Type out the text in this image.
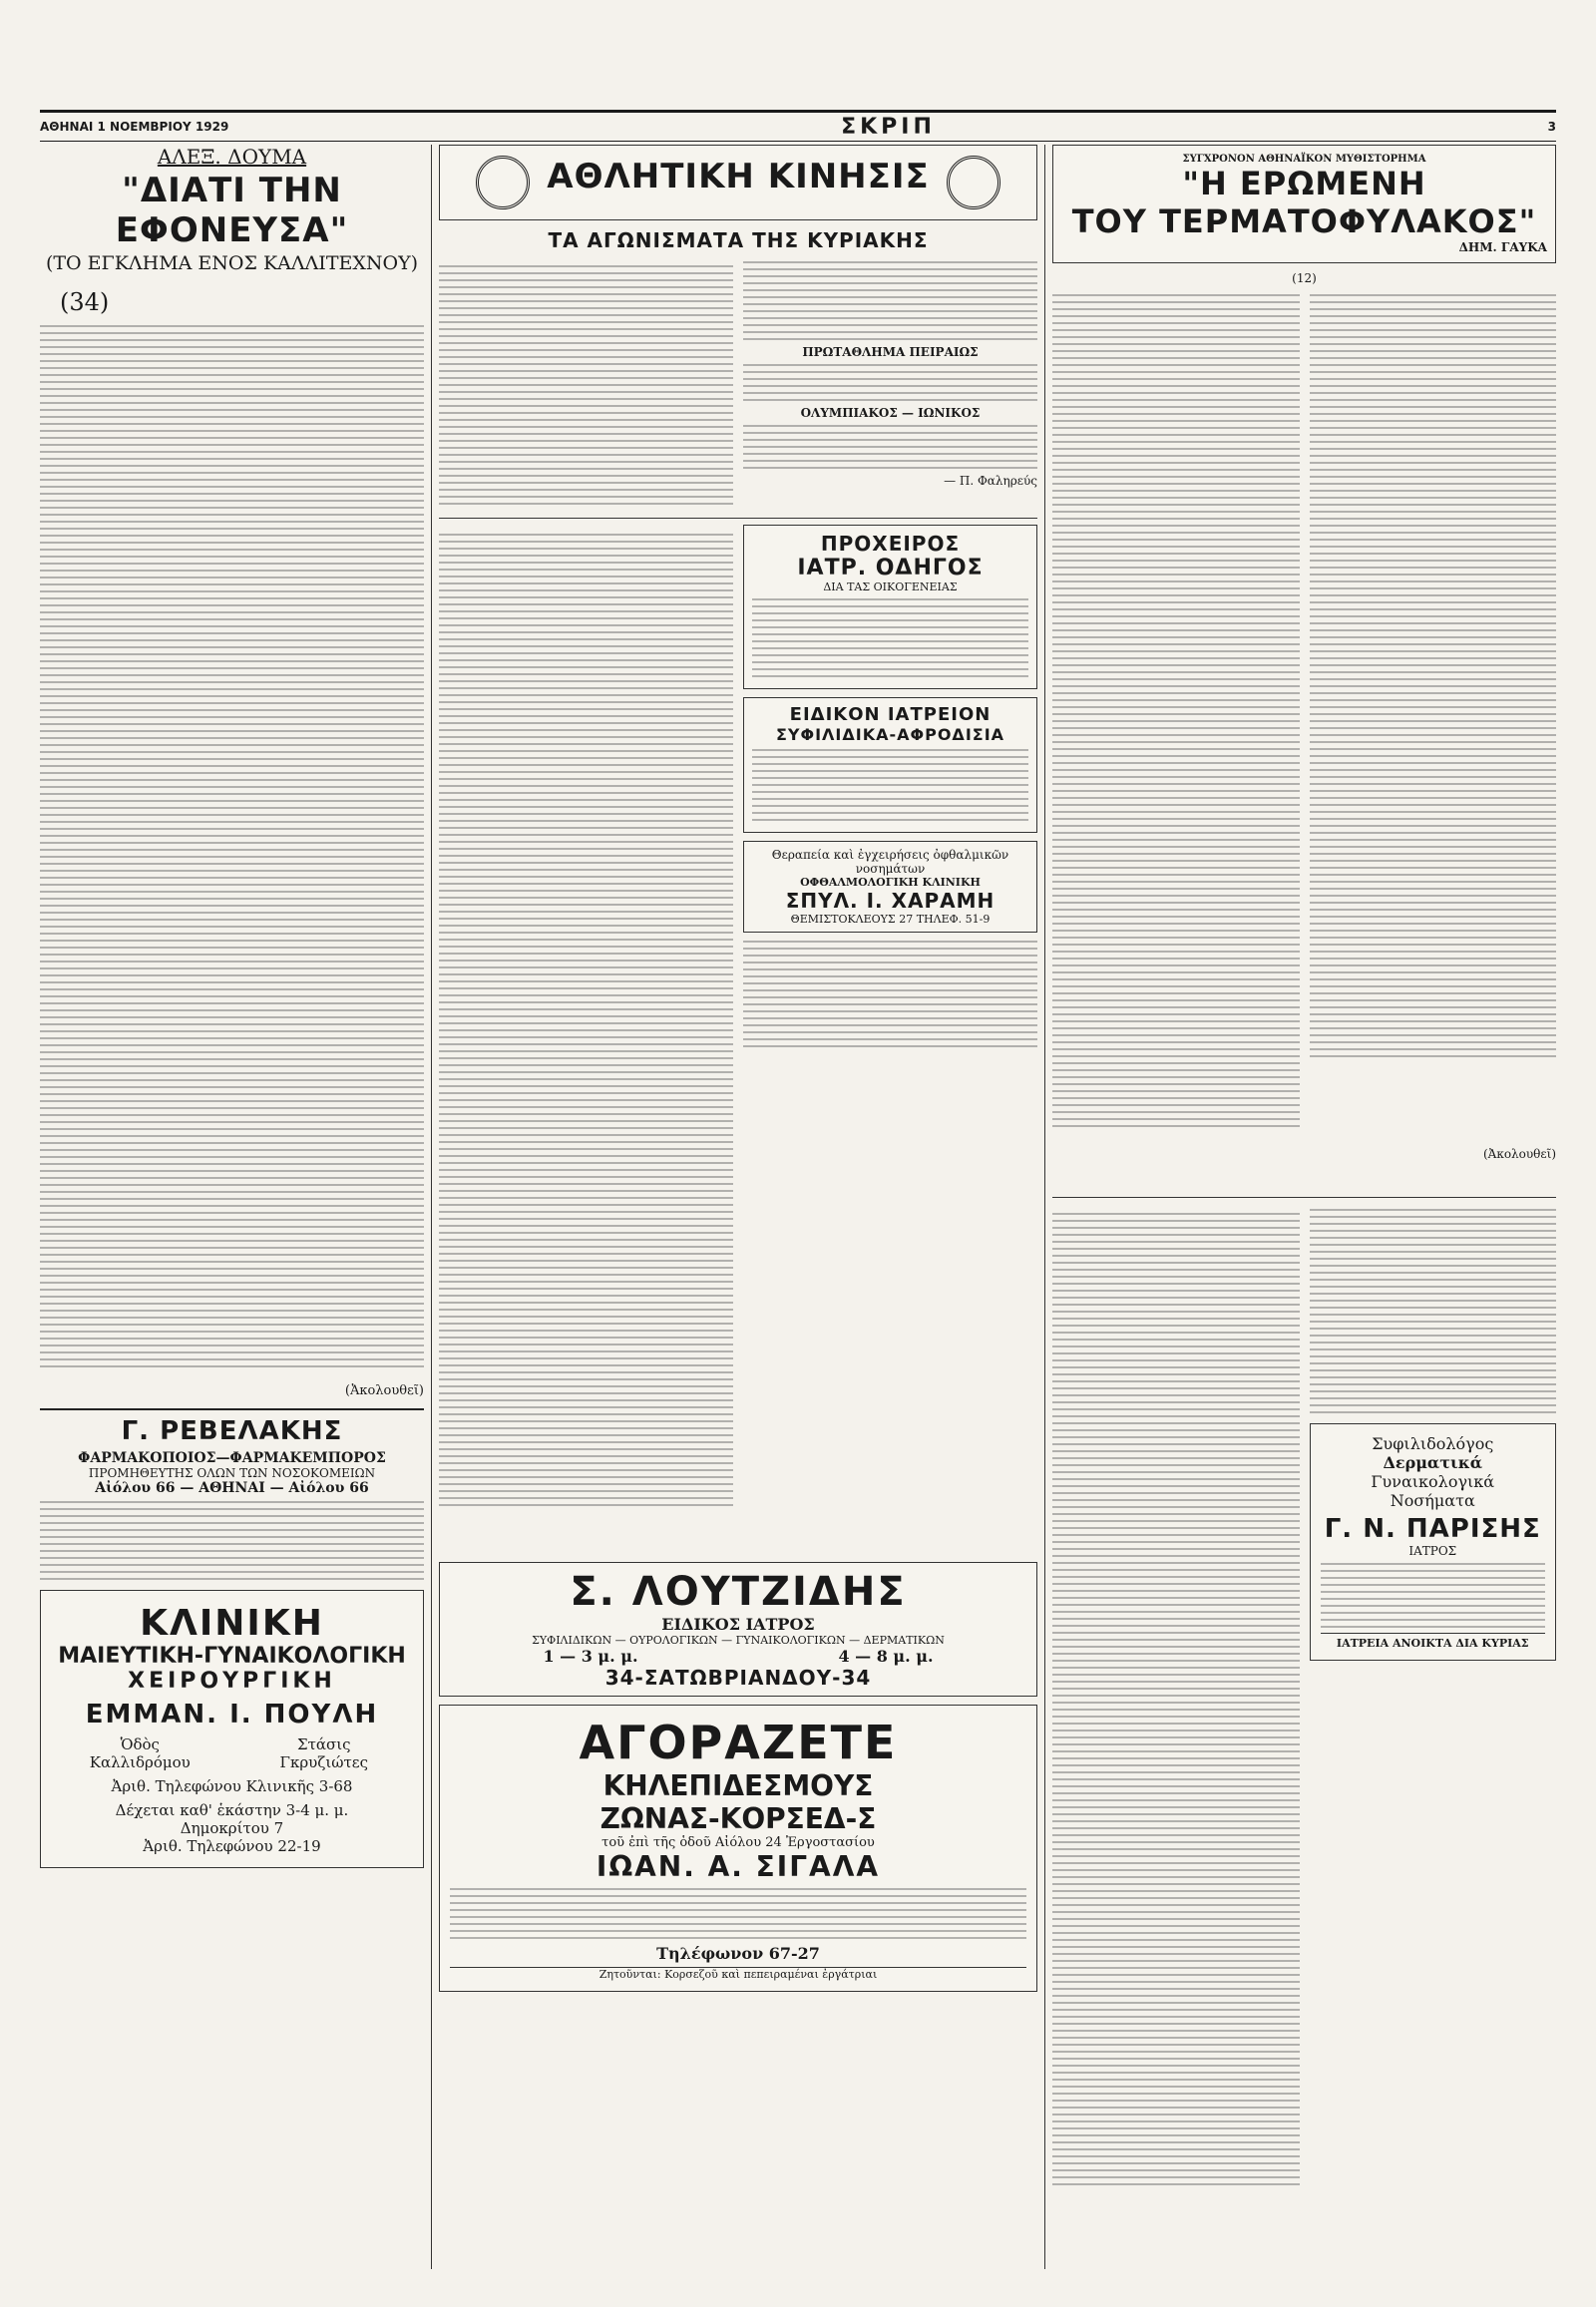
ΑΘΗΝΑΙ 1 ΝΟΕΜΒΡΙΟΥ 1929	ΣΚΡΙΠ	3
ΑΛΕΞ. ΔΟΥΜΑ
"ΔΙΑΤΙ ΤΗΝ ΕΦΟΝΕΥΣΑ"
(ΤΟ ΕΓΚΛΗΜΑ ΕΝΟΣ ΚΑΛΛΙΤΕΧΝΟΥ)
(34)
(Ἀκολουθεῖ)
Γ. ΡΕΒΕΛΑΚΗΣ
ΦΑΡΜΑΚΟΠΟΙΟΣ—ΦΑΡΜΑΚΕΜΠΟΡΟΣ
ΠΡΟΜΗΘΕΥΤΗΣ ΟΛΩΝ ΤΩΝ ΝΟΣΟΚΟΜΕΙΩΝ
Αἰόλου 66 — ΑΘΗΝΑΙ — Αἰόλου 66
ΚΛΙΝΙΚΗ
ΜΑΙΕΥΤΙΚΗ-ΓΥΝΑΙΚΟΛΟΓΙΚΗ
ΧΕΙΡΟΥΡΓΙΚΗ
ΕΜΜΑΝ. Ι. ΠΟΥΛΗ
Ὁδὸς
Καλλιδρόμου
Στάσις
Γκρυζιώτες
Ἀριθ. Τηλεφώνου Κλινικῆς 3-68
Δέχεται καθ' ἑκάστην 3-4 μ. μ.
Δημοκρίτου 7
Ἀριθ. Τηλεφώνου 22-19
ΑΘΛΗΤΙΚΗ ΚΙΝΗΣΙΣ
ΤΑ ΑΓΩΝΙΣΜΑΤΑ ΤΗΣ ΚΥΡΙΑΚΗΣ
ΠΡΩΤΑΘΛΗΜΑ ΠΕΙΡΑΙΩΣ
ΟΛΥΜΠΙΑΚΟΣ — ΙΩΝΙΚΟΣ
— Π. Φαληρεύς
ΠΡΟΧΕΙΡΟΣ
ΙΑΤΡ. ΟΔΗΓΟΣ
ΔΙΑ ΤΑΣ ΟΙΚΟΓΕΝΕΙΑΣ
ΕΙΔΙΚΟΝ ΙΑΤΡΕΙΟΝ
ΣΥΦΙΛΙΔΙΚΑ-ΑΦΡΟΔΙΣΙΑ
Θεραπεία καὶ ἐγχειρήσεις ὀφθαλμικῶν νοσημάτων
ΟΦΘΑΛΜΟΛΟΓΙΚΗ ΚΛΙΝΙΚΗ
ΣΠΥΛ. Ι. ΧΑΡΑΜΗ
ΘΕΜΙΣΤΟΚΛΕΟΥΣ 27 ΤΗΛΕΦ. 51-9
Σ. ΛΟΥΤΖΙΔΗΣ
ΕΙΔΙΚΟΣ ΙΑΤΡΟΣ
ΣΥΦΙΛΙΔΙΚΩΝ — ΟΥΡΟΛΟΓΙΚΩΝ — ΓΥΝΑΙΚΟΛΟΓΙΚΩΝ — ΔΕΡΜΑΤΙΚΩΝ
1 — 3 μ. μ.	4 — 8 μ. μ.
34-ΣΑΤΩΒΡΙΑΝΔΟΥ-34
ΑΓΟΡΑΖΕΤΕ
ΚΗΛΕΠΙΔΕΣΜΟΥΣ
ΖΩΝΑΣ-ΚΟΡΣΕΔ-Σ
τοῦ ἐπὶ τῆς ὁδοῦ Αἰόλου 24 Ἐργοστασίου
ΙΩΑΝ. Α. ΣΙΓΑΛΑ
Τηλέφωνον 67-27
Ζητοῦνται: Κορσεζοῦ καὶ πεπειραμέναι ἐργάτριαι
ΣΥΓΧΡΟΝΟΝ ΑΘΗΝΑΪΚΟΝ ΜΥΘΙΣΤΟΡΗΜΑ
"Η ΕΡΩΜΕΝΗ
ΤΟΥ ΤΕΡΜΑΤΟΦΥΛΑΚΟΣ"
ΔΗΜ. ΓΑΥΚΑ
(12)
(Ἀκολουθεῖ)
Συφιλιδολόγος
Δερματικά
Γυναικολογικά
Νοσήματα
Γ. Ν. ΠΑΡΙΣΗΣ
ΙΑΤΡΟΣ
ΙΑΤΡΕΙΑ ΑΝΟΙΚΤΑ ΔΙΑ ΚΥΡΙΑΣ
